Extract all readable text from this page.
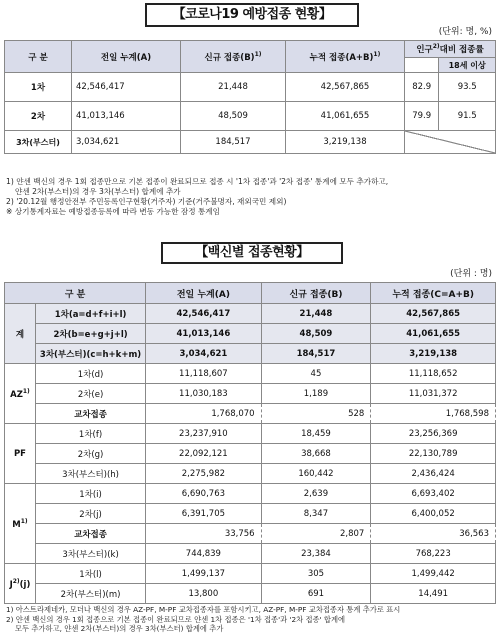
【코로나19 예방접종 현황】
(단위: 명, %)
구 분	전일 누계(A)	신규 접종$(B)^{1)}$	누적 접종$(A+B)^{1)}$	인구$^{2)}$대비 접종률	
					18세 이상
1차	42,546,417	21,448	42,567,865	82.9	93.5
2차	41,013,146	48,509	41,061,655	79.9	91.5
3차(부스터)	3,034,621	184,517	3,219,138		
1) 얀센 백신의 경우 1회 접종만으로 기본 접종이 완료되므로 접종 시 '1차 접종'과 '2차 접종' 통계에 모두 추가하고,
얀센 2차(부스터)의 경우 3차(부스터) 합계에 추가
2) '20.12월 행정안전부 주민등록인구현황(거주자) 기준(거주불명자, 재외국민 제외)
※ 상기통계자료는 예방접종등록에 따라 변동 가능한 잠정 통계임
【백신별 접종현황】
(단위 : 명)
구 분		전일 누계(A)	신규 접종(B)	누적 접종(C=A+B)
계	1차(a=d+f+i+l)	42,546,417	21,448	42,567,865
	2차(b=e+g+j+l)	41,013,146	48,509	41,061,655
	3차(부스터)(c=h+k+m)	3,034,621	184,517	3,219,138
AZ$^{1)}$	1차(d)	11,118,607	45	11,118,652
	2차(e)	11,030,183	1,189	11,031,372
	교차접종	1,768,070	528	1,768,598
PF	1차(f)	23,237,910	18,459	23,256,369
	2차(g)	22,092,121	38,668	22,130,789
	3차(부스터)(h)	2,275,982	160,442	2,436,424
$M^{1)}$	1차(i)	6,690,763	2,639	6,693,402
	2차(j)	6,391,705	8,347	6,400,052
	교차접종	33,756	2,807	36,563
	3차(부스터)(k)	744,839	23,384	768,223
$J^{2)}(j)$	1차(l)	1,499,137	305	1,499,442
	2차(부스터)(m)	13,800	691	14,491
1) 아스트라제네카, 모더나 백신의 경우 AZ-PF, M-PF 교차접종자를 포함시키고, AZ-PF, M-PF 교차접종자 통계 추가로 표시
2) 얀센 백신의 경우 1회 접종으로 기본 접종이 완료되므로 얀센 1차 접종은 '1차 접종'과 '2차 접종' 합계에
모두 추가하고, 얀센 2차(부스터)의 경우 3차(부스터) 합계에 추가
